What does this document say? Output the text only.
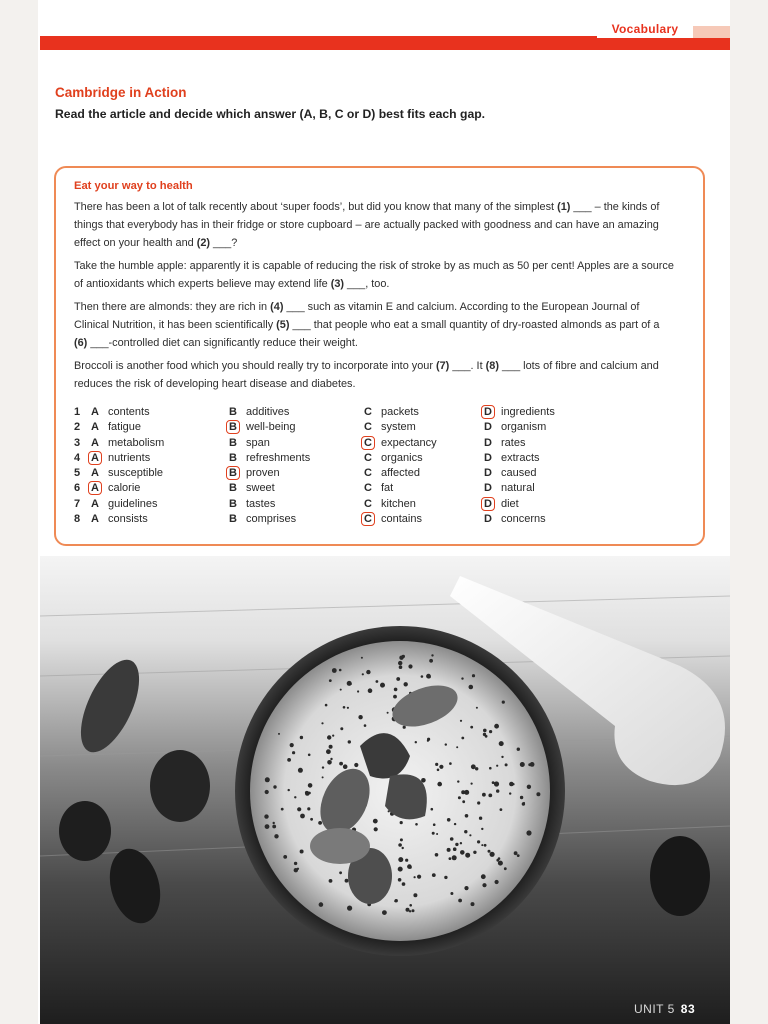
Vocabulary
Cambridge in Action
Read the article and decide which answer (A, B, C or D) best fits each gap.
Eat your way to health

There has been a lot of talk recently about ‘super foods’, but did you know that many of the simplest (1) ___ – the kinds of things that everybody has in their fridge or store cupboard – are actually packed with goodness and can have an amazing effect on your health and (2) ___?

Take the humble apple: apparently it is capable of reducing the risk of stroke by as much as 50 per cent! Apples are a source of antioxidants which experts believe may extend life (3) ___, too.

Then there are almonds: they are rich in (4) ___ such as vitamin E and calcium. According to the European Journal of Clinical Nutrition, it has been scientifically (5) ___ that people who eat a small quantity of dry-roasted almonds as part of a (6) ___-controlled diet can significantly reduce their weight.

Broccoli is another food which you should really try to incorporate into your (7) ___. It (8) ___ lots of fibre and calcium and reduces the risk of developing heart disease and diabetes.

1 A contents	B additives	C packets	D ingredients
2 A fatigue	B well-being	C system	D organism
3 A metabolism	B span	C expectancy	D rates
4 A nutrients	B refreshments	C organics	D extracts
5 A susceptible	B proven	C affected	D caused
6 A calorie	B sweet	C fat	D natural
7 A guidelines	B tastes	C kitchen	D diet
8 A consists	B comprises	C contains	D concerns
UNIT 5 83
